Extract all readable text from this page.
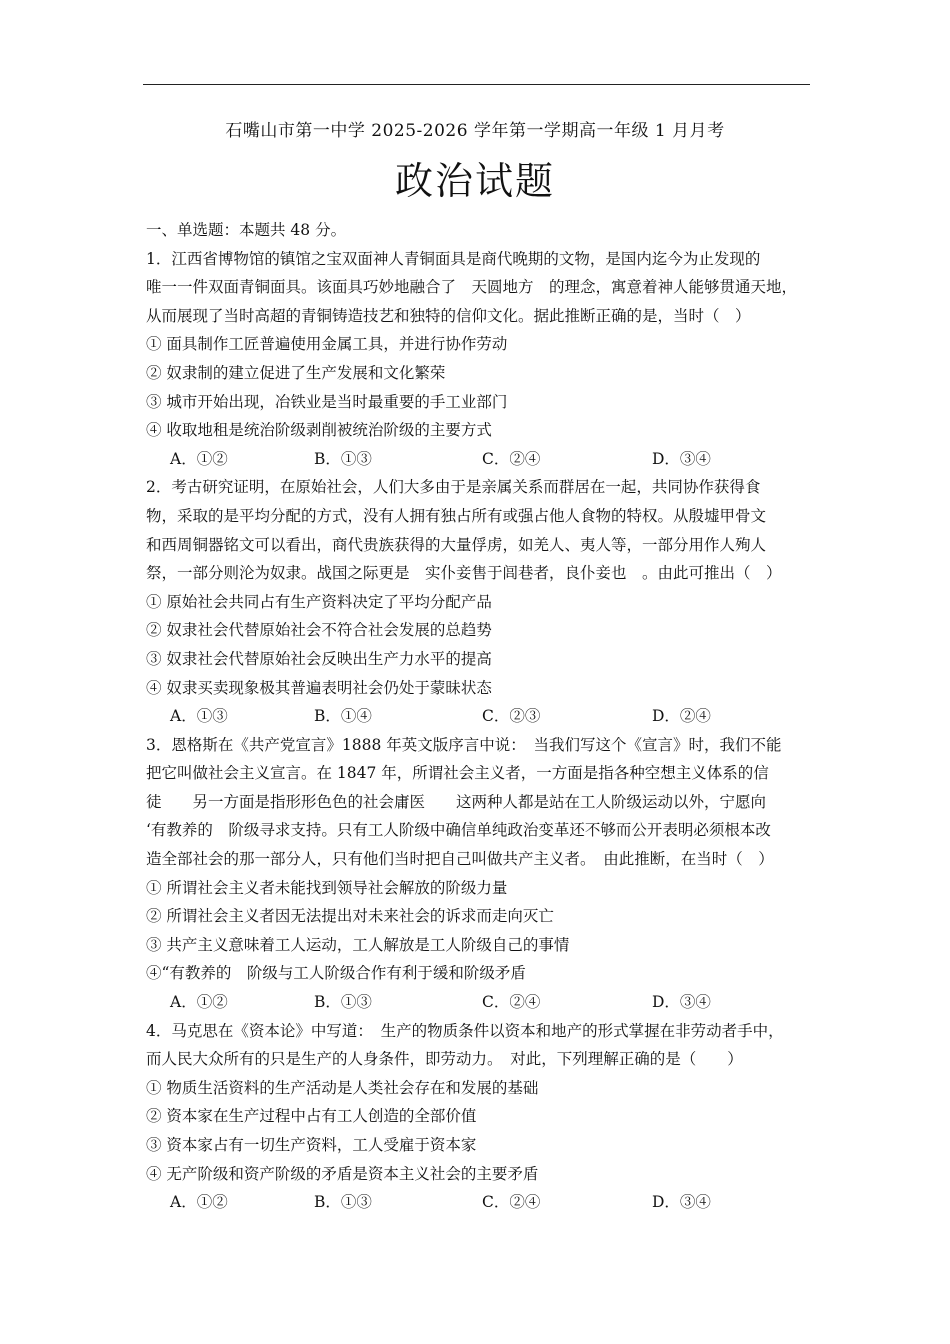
石嘴山市第一中学 2025-2026 学年第一学期高一年级 1 月月考
政治试题
一、单选题：本题共 48 分。
1．江西省博物馆的镇馆之宝双面神人青铜面具是商代晚期的文物，是国内迄今为止发现的
唯一一件双面青铜面具。该面具巧妙地融合了　天圆地方　的理念，寓意着神人能够贯通天地，
从而展现了当时高超的青铜铸造技艺和独特的信仰文化。据此推断正确的是，当时（　）
① 面具制作工匠普遍使用金属工具，并进行协作劳动
② 奴隶制的建立促进了生产发展和文化繁荣
③ 城市开始出现，冶铁业是当时最重要的手工业部门
④ 收取地租是统治阶级剥削被统治阶级的主要方式
A．①②	B．①③	C．②④	D．③④
2．考古研究证明，在原始社会，人们大多由于是亲属关系而群居在一起，共同协作获得食
物，采取的是平均分配的方式，没有人拥有独占所有或强占他人食物的特权。从殷墟甲骨文
和西周铜器铭文可以看出，商代贵族获得的大量俘虏，如羌人、夷人等，一部分用作人殉人
祭，一部分则沦为奴隶。战国之际更是　实仆妾售于闾巷者，良仆妾也　。由此可推出（　）
① 原始社会共同占有生产资料决定了平均分配产品
② 奴隶社会代替原始社会不符合社会发展的总趋势
③ 奴隶社会代替原始社会反映出生产力水平的提高
④ 奴隶买卖现象极其普遍表明社会仍处于蒙昧状态
A．①③	B．①④	C．②③	D．②④
3．恩格斯在《共产党宣言》1888 年英文版序言中说：　当我们写这个《宣言》时，我们不能
把它叫做社会主义宣言。在 1847 年，所谓社会主义者，一方面是指各种空想主义体系的信
徒　　另一方面是指形形色色的社会庸医　　这两种人都是站在工人阶级运动以外，宁愿向
‘有教养的　阶级寻求支持。只有工人阶级中确信单纯政治变革还不够而公开表明必须根本改
造全部社会的那一部分人，只有他们当时把自己叫做共产主义者。　由此推断，在当时（　）
① 所谓社会主义者未能找到领导社会解放的阶级力量
② 所谓社会主义者因无法提出对未来社会的诉求而走向灭亡
③ 共产主义意味着工人运动，工人解放是工人阶级自己的事情
④“有教养的　阶级与工人阶级合作有利于缓和阶级矛盾
A．①②	B．①③	C．②④	D．③④
4．马克思在《资本论》中写道：　生产的物质条件以资本和地产的形式掌握在非劳动者手中，
而人民大众所有的只是生产的人身条件，即劳动力。　对此，下列理解正确的是（　　）
① 物质生活资料的生产活动是人类社会存在和发展的基础
② 资本家在生产过程中占有工人创造的全部价值
③ 资本家占有一切生产资料，工人受雇于资本家
④ 无产阶级和资产阶级的矛盾是资本主义社会的主要矛盾
A．①②	B．①③	C．②④	D．③④
